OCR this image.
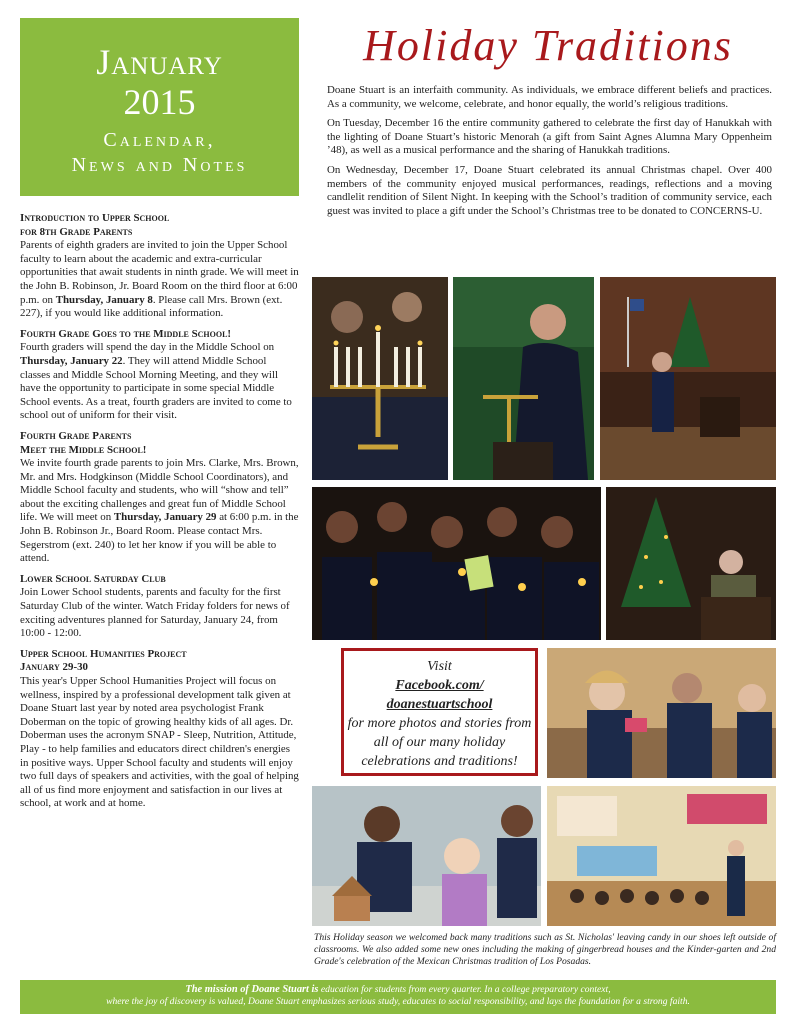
January
2015
Calendar,
News and Notes
Introduction to Upper School
for 8th Grade Parents

Parents of eighth graders are invited to join the Upper School faculty to learn about the academic and extra-curricular opportunities that await students in ninth grade. We will meet in the John B. Robinson, Jr. Board Room on the third floor at 6:00 p.m. on Thursday, January 8. Please call Mrs. Brown (ext. 227), if you would like additional information.

Fourth Grade Goes to the Middle School!

Fourth graders will spend the day in the Middle School on Thursday, January 22. They will attend Middle School classes and Middle School Morning Meeting, and they will have the opportunity to participate in some special Middle School events. As a treat, fourth graders are invited to come to school out of uniform for their visit.

Fourth Grade Parents
Meet the Middle School!

We invite fourth grade parents to join Mrs. Clarke, Mrs. Brown, Mr. and Mrs. Hodgkinson (Middle School Coordinators), and Middle School faculty and students, who will “show and tell” about the exciting challenges and great fun of Middle School life. We will meet on Thursday, January 29 at 6:00 p.m. in the John B. Robinson Jr., Board Room. Please contact Mrs. Segerstrom (ext. 240) to let her know if you will be able to attend.

Lower School Saturday Club

Join Lower School students, parents and faculty for the first Saturday Club of the winter. Watch Friday folders for news of exciting adventures planned for Saturday, January 24, from 10:00 - 12:00.

Upper School Humanities Project
January 29-30

This year's Upper School Humanities Project will focus on wellness, inspired by a professional development talk given at Doane Stuart last year by noted area psychologist Frank Doberman on the topic of growing healthy kids of all ages. Dr. Doberman uses the acronym SNAP - Sleep, Nutrition, Attitude, Play - to help families and educators direct children's energies in positive ways. Upper School faculty and students will enjoy two full days of speakers and activities, with the goal of helping all of us find more enjoyment and satisfaction in our lives at school, at work and at home.

Holiday Traditions

Doane Stuart is an interfaith community. As individuals, we embrace different beliefs and practices. As a community, we welcome, celebrate, and honor equally, the world’s religious traditions.

On Tuesday, December 16 the entire community gathered to celebrate the first day of Hanukkah with the lighting of Doane Stuart’s historic Menorah (a gift from Saint Agnes Alumna Mary Oppenheim ’48), as well as a musical performance and the sharing of Hanukkah traditions.

On Wednesday, December 17, Doane Stuart celebrated its annual Christmas chapel. Over 400 members of the community enjoyed musical performances, readings, reflections and a moving candlelit rendition of Silent Night. In keeping with the School’s tradition of community service, each guest was invited to place a gift under the School’s Christmas tree to be donated to CONCERNS-U.

Visit
Facebook.com/
doanestuartschool
for more photos and stories from all of our many holiday celebrations and traditions!
This Holiday season we welcomed back many traditions such as St. Nicholas' leaving candy in our shoes left outside of classrooms. We also added some new ones including the making of gingerbread houses and the Kinder-garten and 2nd Grade's celebration of the Mexican Christmas tradition of Los Posadas.
The mission of Doane Stuart is education for students from every quarter. In a college preparatory context,
where the joy of discovery is valued, Doane Stuart emphasizes serious study, educates to social responsibility, and lays the foundation for a strong faith.
